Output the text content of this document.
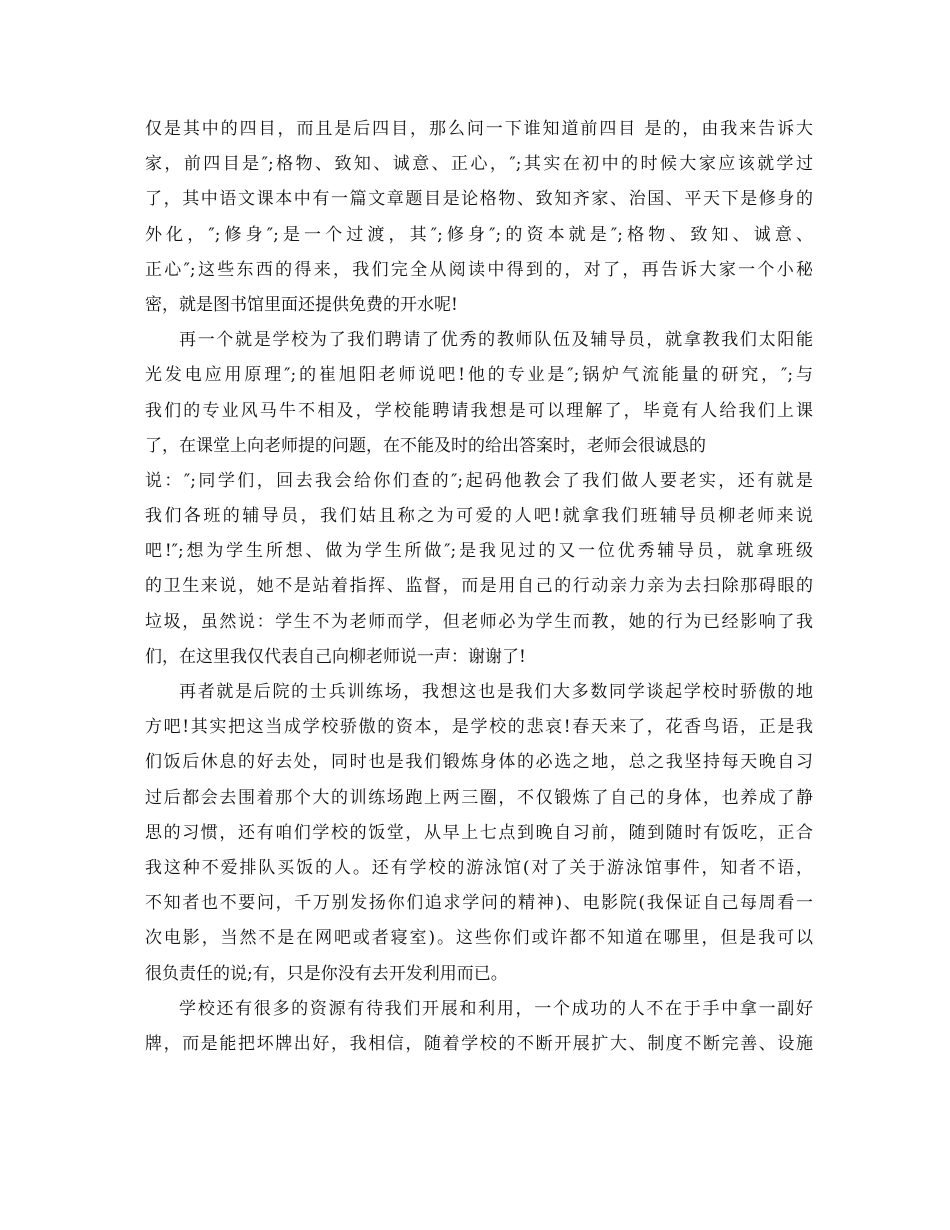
仅是其中的四目，而且是后四目，那么问一下谁知道前四目 是的，由我来告诉大
家，前四目是″;格物、致知、诚意、正心，″;其实在初中的时候大家应该就学过
了，其中语文课本中有一篇文章题目是论格物、致知齐家、治国、平天下是修身的
外化，″;修身″;是一个过渡，其″;修身″;的资本就是″;格物、致知、诚意、
正心″;这些东西的得来，我们完全从阅读中得到的，对了，再告诉大家一个小秘
密，就是图书馆里面还提供免费的开水呢!
再一个就是学校为了我们聘请了优秀的教师队伍及辅导员，就拿教我们太阳能
光发电应用原理″;的崔旭阳老师说吧!他的专业是″;锅炉气流能量的研究，″;与
我们的专业风马牛不相及，学校能聘请我想是可以理解了，毕竟有人给我们上课
了，在课堂上向老师提的问题，在不能及时的给出答案时，老师会很诚恳的
说：″;同学们，回去我会给你们查的″;起码他教会了我们做人要老实，还有就是
我们各班的辅导员，我们姑且称之为可爱的人吧!就拿我们班辅导员柳老师来说
吧!″;想为学生所想、做为学生所做″;是我见过的又一位优秀辅导员，就拿班级
的卫生来说，她不是站着指挥、监督，而是用自己的行动亲力亲为去扫除那碍眼的
垃圾，虽然说：学生不为老师而学，但老师必为学生而教，她的行为已经影响了我
们，在这里我仅代表自己向柳老师说一声：谢谢了!
再者就是后院的士兵训练场，我想这也是我们大多数同学谈起学校时骄傲的地
方吧!其实把这当成学校骄傲的资本，是学校的悲哀!春天来了，花香鸟语，正是我
们饭后休息的好去处，同时也是我们锻炼身体的必选之地，总之我坚持每天晚自习
过后都会去围着那个大的训练场跑上两三圈，不仅锻炼了自己的身体，也养成了静
思的习惯，还有咱们学校的饭堂，从早上七点到晚自习前，随到随时有饭吃，正合
我这种不爱排队买饭的人。还有学校的游泳馆(对了关于游泳馆事件，知者不语，
不知者也不要问，千万别发扬你们追求学问的精神)、电影院(我保证自己每周看一
次电影，当然不是在网吧或者寝室)。这些你们或许都不知道在哪里，但是我可以
很负责任的说;有，只是你没有去开发利用而已。
学校还有很多的资源有待我们开展和利用，一个成功的人不在于手中拿一副好
牌，而是能把坏牌出好，我相信，随着学校的不断开展扩大、制度不断完善、设施
